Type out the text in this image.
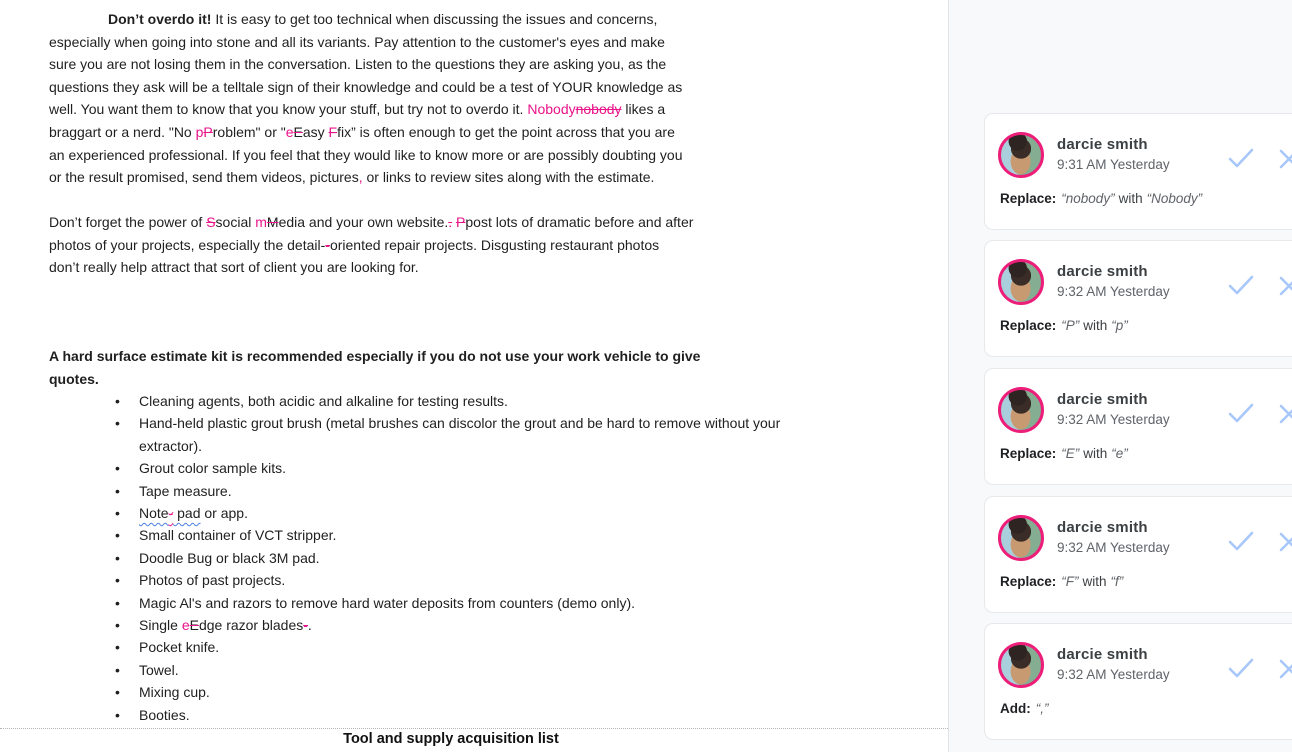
Don’t overdo it! It is easy to get too technical when discussing the issues and concerns,
especially when going into stone and all its variants. Pay attention to the customer's eyes and make
sure you are not losing them in the conversation. Listen to the questions they are asking you, as the
questions they ask will be a telltale sign of their knowledge and could be a test of YOUR knowledge as
well. You want them to know that you know your stuff, but try not to overdo it. Nobodynobody likes a
braggart or a nerd. "No pProblem" or "eEasy Ffix” is often enough to get the point across that you are
an experienced professional. If you feel that they would like to know more or are possibly doubting you
or the result promised, send them videos, pictures, or links to review sites along with the estimate.
Don’t forget the power of Ssocial mMedia and your own website.. Ppost lots of dramatic before and after
photos of your projects, especially the detail--oriented repair projects. Disgusting restaurant photos
don’t really help attract that sort of client you are looking for.
A hard surface estimate kit is recommended especially if you do not use your work vehicle to give
quotes.
•	Cleaning agents, both acidic and alkaline for testing results.
•	Hand-held plastic grout brush (metal brushes can discolor the grout and be hard to remove without your extractor).
•	Grout color sample kits.
•	Tape measure.
•	Note- pad or app.
•	Small container of VCT stripper.
•	Doodle Bug or black 3M pad.
•	Photos of past projects.
•	Magic Al's and razors to remove hard water deposits from counters (demo only).
•	Single eEdge razor blades-.
•	Pocket knife.
•	Towel.
•	Mixing cup.
•	Booties.
Tool and supply acquisition list
darcie smith
9:31 AM Yesterday
Replace: “nobody” with “Nobody”
darcie smith
9:32 AM Yesterday
Replace: “P” with “p”
darcie smith
9:32 AM Yesterday
Replace: “E” with “e”
darcie smith
9:32 AM Yesterday
Replace: “F” with “f”
darcie smith
9:32 AM Yesterday
Add: “,”
